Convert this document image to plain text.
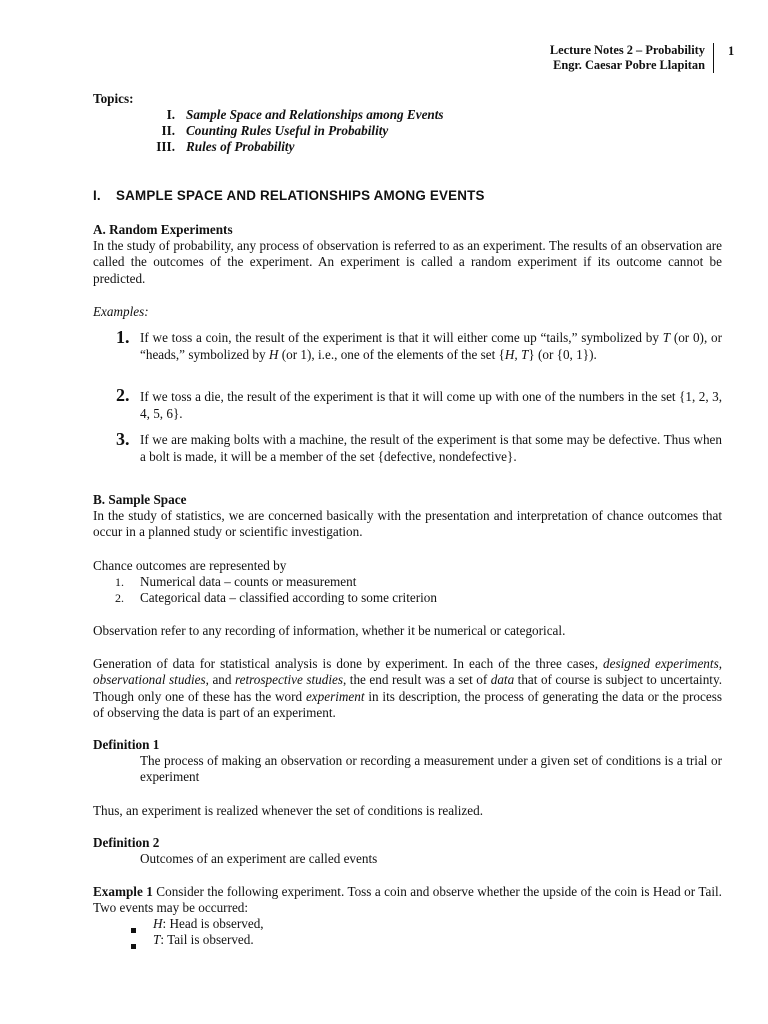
Lecture Notes 2 – Probability
Engr. Caesar Pobre Llapitan
1
Topics:
I. Sample Space and Relationships among Events
II. Counting Rules Useful in Probability
III. Rules of Probability
I. SAMPLE SPACE AND RELATIONSHIPS AMONG EVENTS
A. Random Experiments
In the study of probability, any process of observation is referred to as an experiment. The results of an observation are called the outcomes of the experiment. An experiment is called a random experiment if its outcome cannot be predicted.
Examples:
1. If we toss a coin, the result of the experiment is that it will either come up “tails,” symbolized by T (or 0), or “heads,” symbolized by H (or 1), i.e., one of the elements of the set {H, T} (or {0, 1}).
2. If we toss a die, the result of the experiment is that it will come up with one of the numbers in the set {1, 2, 3, 4, 5, 6}.
3. If we are making bolts with a machine, the result of the experiment is that some may be defective. Thus when a bolt is made, it will be a member of the set {defective, nondefective}.
B. Sample Space
In the study of statistics, we are concerned basically with the presentation and interpretation of chance outcomes that occur in a planned study or scientific investigation.
Chance outcomes are represented by
1. Numerical data – counts or measurement
2. Categorical data – classified according to some criterion
Observation refer to any recording of information, whether it be numerical or categorical.
Generation of data for statistical analysis is done by experiment. In each of the three cases, designed experiments, observational studies, and retrospective studies, the end result was a set of data that of course is subject to uncertainty. Though only one of these has the word experiment in its description, the process of generating the data or the process of observing the data is part of an experiment.
Definition 1
The process of making an observation or recording a measurement under a given set of conditions is a trial or experiment
Thus, an experiment is realized whenever the set of conditions is realized.
Definition 2
Outcomes of an experiment are called events
Example 1 Consider the following experiment. Toss a coin and observe whether the upside of the coin is Head or Tail. Two events may be occurred:
H: Head is observed,
T: Tail is observed.
